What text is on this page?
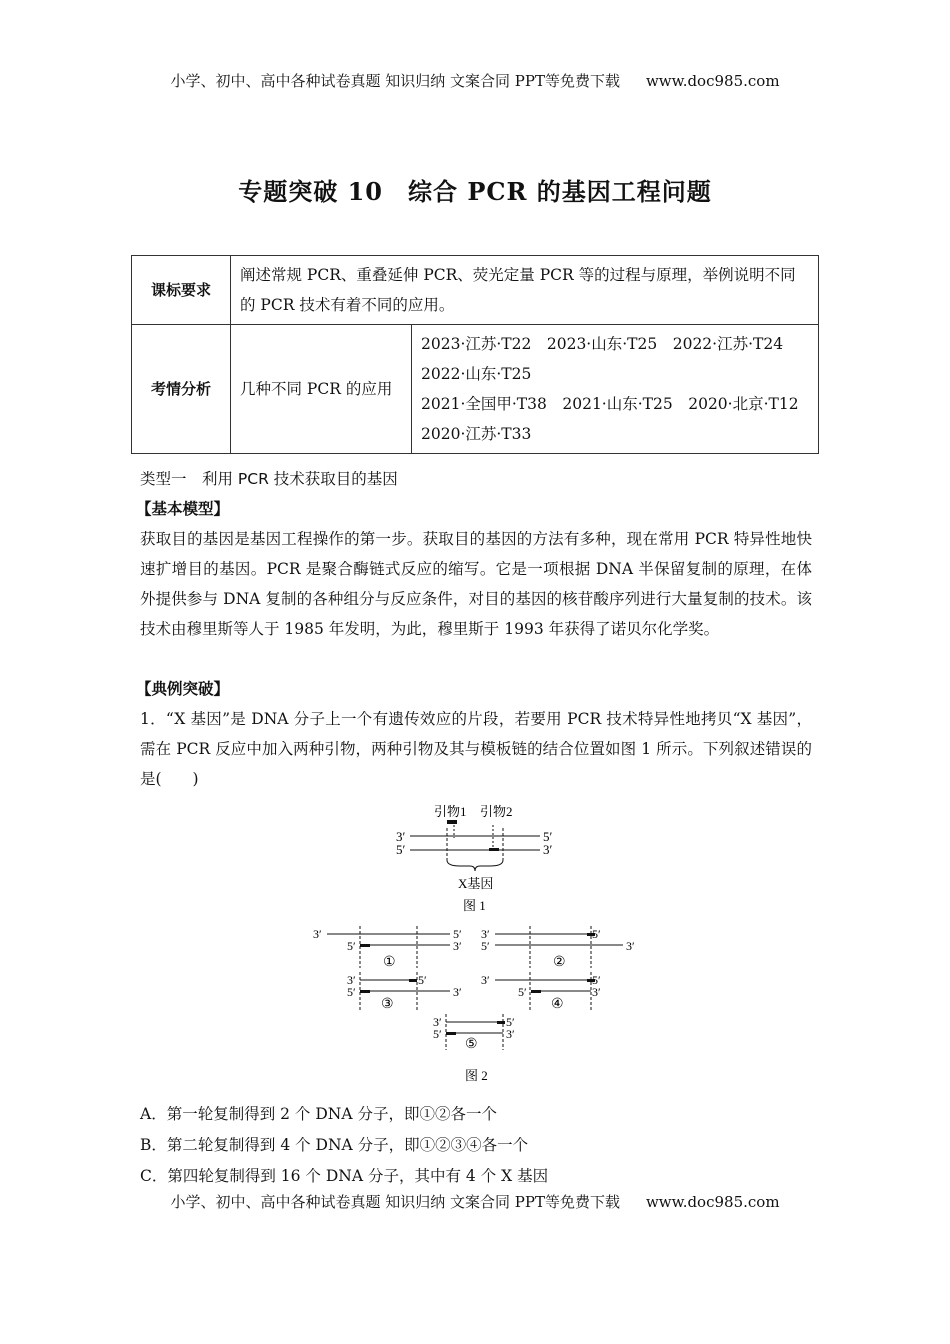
小学、初中、高中各种试卷真题 知识归纳 文案合同 PPT等免费下载 www.doc985.com
专题突破 10　综合 PCR 的基因工程问题
课标要求	阐述常规 PCR、重叠延伸 PCR、荧光定量 PCR 等的过程与原理，举例说明不同的 PCR 技术有着不同的应用。	
考情分析	几种不同 PCR 的应用	2023·江苏·T22　2023·山东·T25　2022·江苏·T24
2022·山东·T25
2021·全国甲·T38　2021·山东·T25　2020·北京·T12
2020·江苏·T33
类型一　利用 PCR 技术获取目的基因
【基本模型】
获取目的基因是基因工程操作的第一步。获取目的基因的方法有多种，现在常用 PCR 特异性地快速扩增目的基因。PCR 是聚合酶链式反应的缩写。它是一项根据 DNA 半保留复制的原理，在体外提供参与 DNA 复制的各种组分与反应条件，对目的基因的核苷酸序列进行大量复制的技术。该技术由穆里斯等人于 1985 年发明，为此，穆里斯于 1993 年获得了诺贝尔化学奖。
【典例突破】
1．“X 基因”是 DNA 分子上一个有遗传效应的片段，若要用 PCR 技术特异性地拷贝“X 基因”，需在 PCR 反应中加入两种引物，两种引物及其与模板链的结合位置如图 1 所示。下列叙述错误的是(　　)
引物1 引物2
3′	5′
5′	3′
X基因
图 1
3′	5′
5′	3′
①
3′	5′
5′	3′
②
3′	5′
5′	3′
③
3′	5′
5′	3′
④
3′	5′
5′	3′
⑤
图 2
A．第一轮复制得到 2 个 DNA 分子，即①②各一个
B．第二轮复制得到 4 个 DNA 分子，即①②③④各一个
C．第四轮复制得到 16 个 DNA 分子，其中有 4 个 X 基因
小学、初中、高中各种试卷真题 知识归纳 文案合同 PPT等免费下载 www.doc985.com
